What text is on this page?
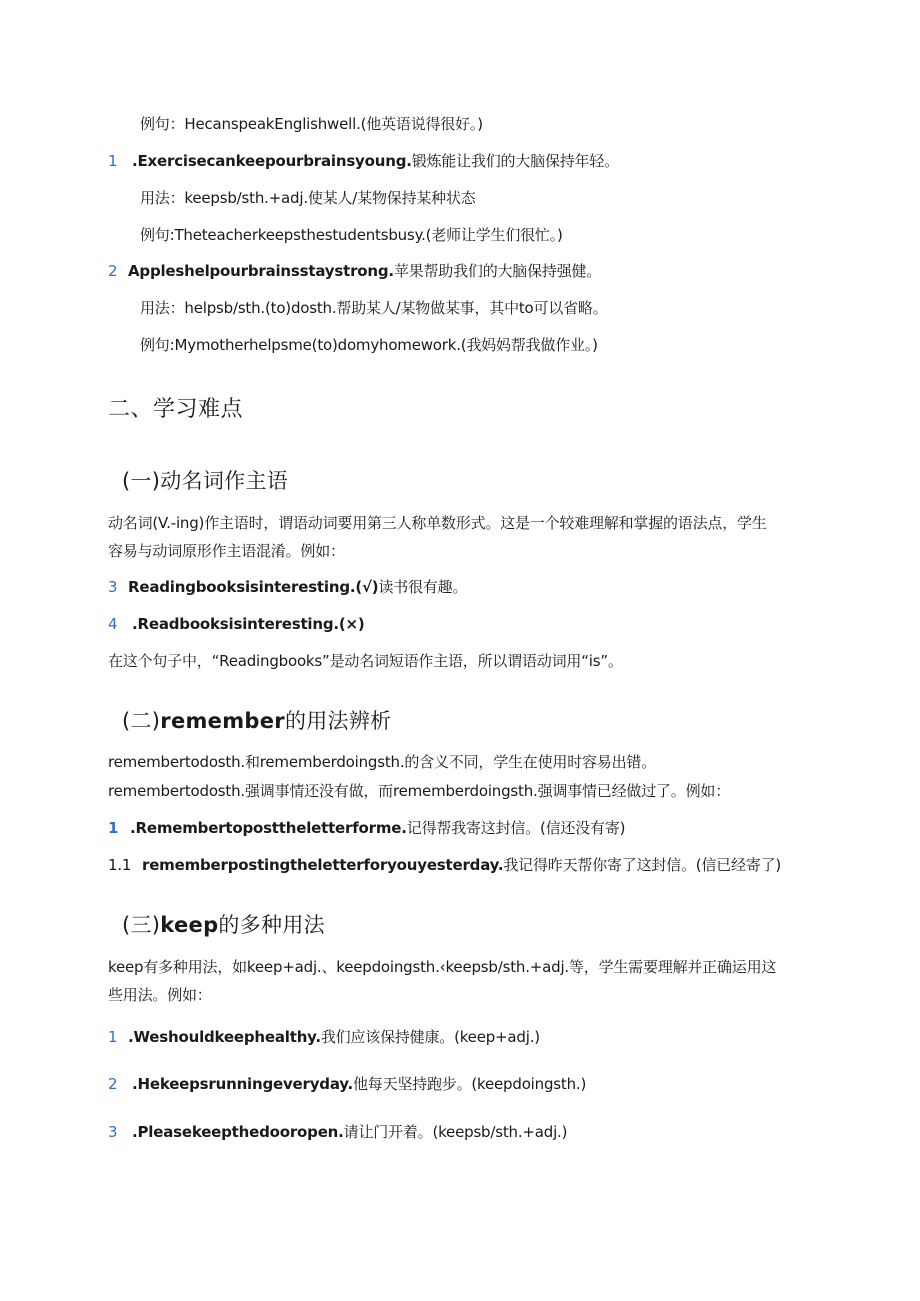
例句：HecanspeakEnglishwell.(他英语说得很好。)
1 .Exercisecankeepourbrainsyoung.锻炼能让我们的大脑保持年轻。
用法：keepsb∕sth.+adj.使某人/某物保持某种状态
例句:Theteacherkeepsthestudentsbusy.(老师让学生们很忙。)
2 Appleshelpourbrainsstaystrong.苹果帮助我们的大脑保持强健。
用法：helpsb∕sth.(to)dosth.帮助某人/某物做某事，其中to可以省略。
例句:Mymotherhelpsme(to)domyhomework.(我妈妈帮我做作业。)
二、学习难点
(一)动名词作主语
动名词(V.-ing)作主语时，谓语动词要用第三人称单数形式。这是一个较难理解和掌握的语法点，学生
容易与动词原形作主语混淆。例如：
3 Readingbooksisinteresting.(√)读书很有趣。
4 .Readbooksisinteresting.(×)
在这个句子中，“Readingbooks”是动名词短语作主语，所以谓语动词用“is”。
(二)remember的用法辨析
remembertodosth.和rememberdoingsth.的含义不同，学生在使用时容易出错。
remembertodosth.强调事情还没有做，而rememberdoingsth.强调事情已经做过了。例如：
1 .Remembertoposttheletterforme.记得帮我寄这封信。(信还没有寄)
1.1 rememberpostingtheletterforyouyesterday.我记得昨天帮你寄了这封信。(信已经寄了)
(三)keep的多种用法
keep有多种用法，如keep+adj.、keepdoingsth.‹keepsb∕sth.+adj.等，学生需要理解并正确运用这
些用法。例如：
1 .Weshouldkeephealthy.我们应该保持健康。(keep+adj.)
2 .Hekeepsrunningeveryday.他每天坚持跑步。(keepdoingsth.)
3 .Pleasekeepthedooropen.请让门开着。(keepsb∕sth.+adj.)
